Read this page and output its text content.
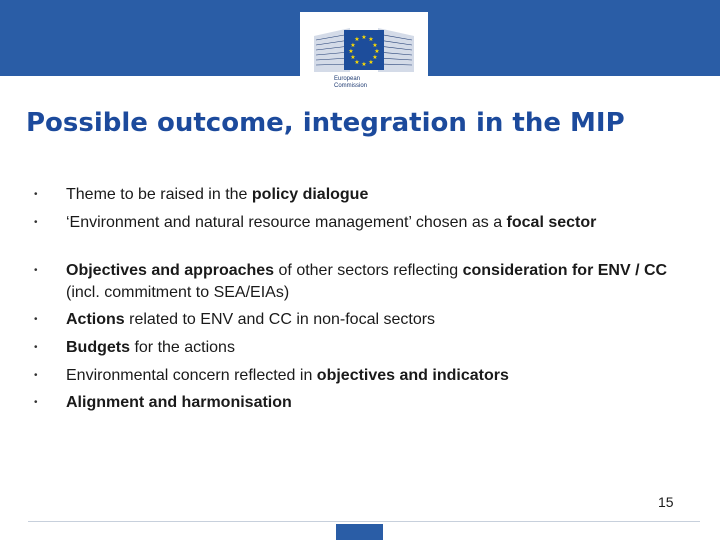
★ ★
★
★
★
★
★
★
★
★
★
★
European
Commission
Possible outcome, integration in the MIP
•	Theme to be raised in the policy dialogue
•	‘Environment and natural resource management’ chosen as a focal sector
•	Objectives and approaches of other sectors reflecting consideration for ENV / CC (incl. commitment to SEA/EIAs)
•	Actions related to ENV and CC in non-focal sectors
•	Budgets for the actions
•	Environmental concern reflected in objectives and indicators
•	Alignment and harmonisation
15
